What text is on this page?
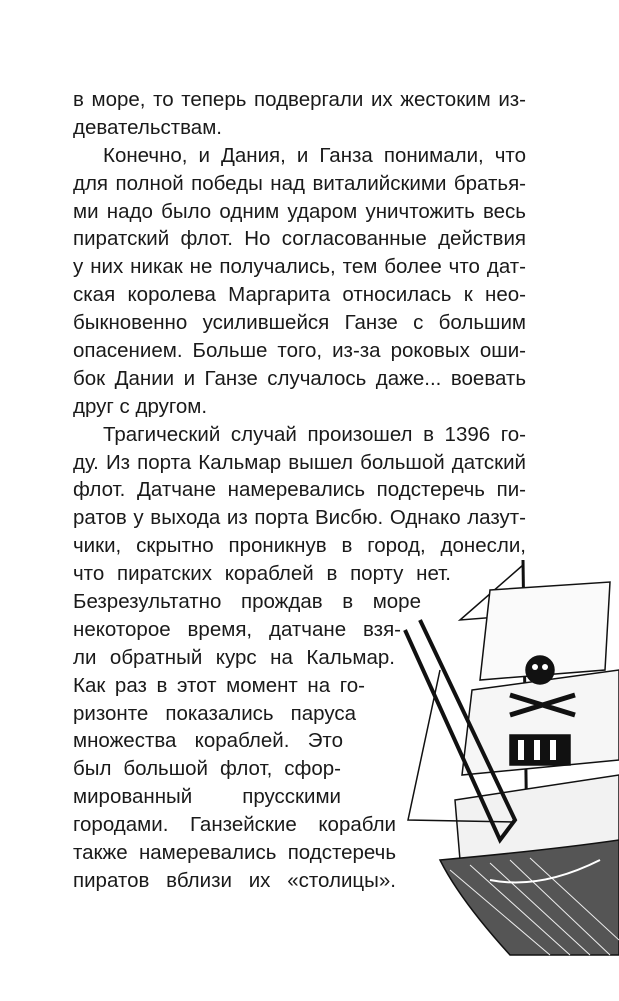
в море, то теперь подвергали их жестоким из-
девательствам.
Конечно, и Дания, и Ганза понимали, что
для полной победы над виталийскими братья-
ми надо было одним ударом уничтожить весь
пиратский флот. Но согласованные действия
у них никак не получались, тем более что дат-
ская королева Маргарита относилась к нео-
быкновенно усилившейся Ганзе с большим
опасением. Больше того, из-за роковых оши-
бок Дании и Ганзе случалось даже... воевать
друг с другом.
Трагический случай произошел в 1396 го-
ду. Из порта Кальмар вышел большой датский
флот. Датчане намеревались подстеречь пи-
ратов у выхода из порта Висбю. Однако лазут-
чики, скрытно проникнув в город, донесли,
что пиратских кораблей в порту нет.
Безрезультатно прождав в море
некоторое время, датчане взя-
ли обратный курс на Кальмар.
Как раз в этот момент на го-
ризонте показались паруса
множества кораблей. Это
был большой флот, сфор-
мированный прусскими
городами. Ганзейские корабли
также намеревались подстеречь
пиратов вблизи их «столицы».
